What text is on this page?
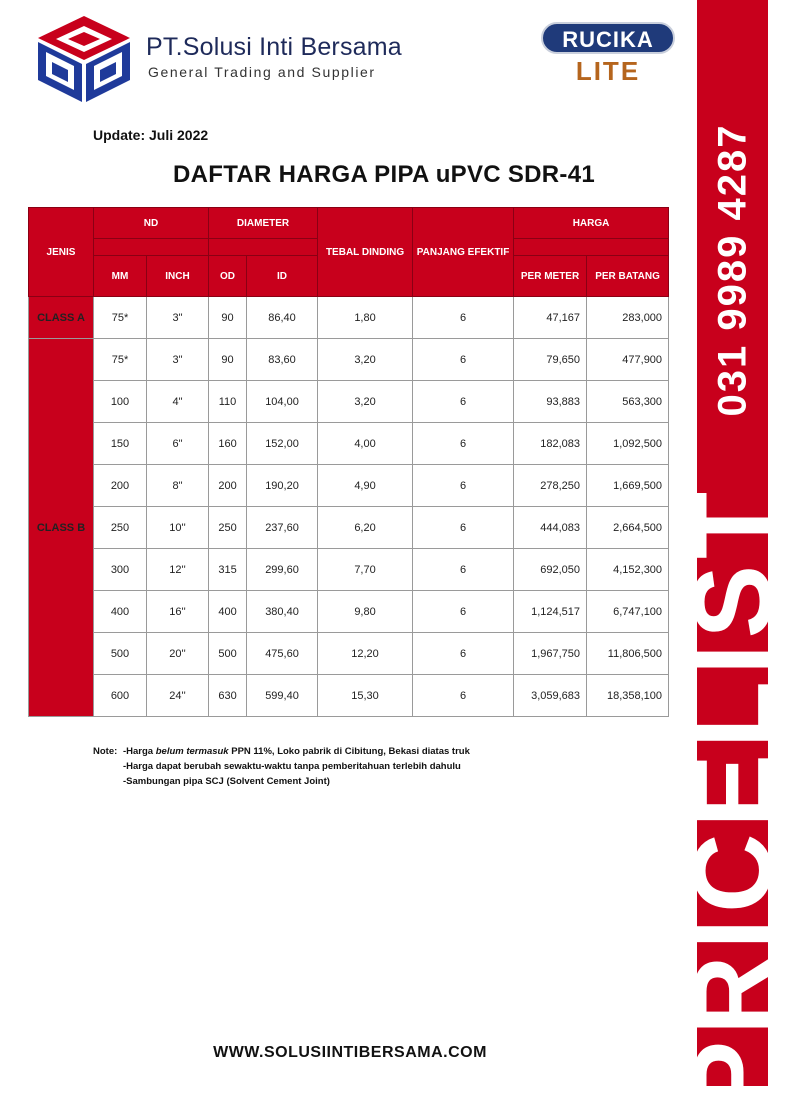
031 9989 4287
PRICELIST
PT.Solusi Inti Bersama
General Trading and Supplier
RUCIKA
LITE
Update: Juli 2022
DAFTAR HARGA PIPA uPVC SDR-41
JENIS	ND		DIAMETER		TEBAL DINDING	PANJANG EFEKTIF	HARGA	

	MM	INCH	OD	ID			PER METER	PER BATANG
CLASS A	75*	3"	90	86,40	1,80	6	47,167	283,000
CLASS B	75*	3"	90	83,60	3,20	6	79,650	477,900
	100	4"	110	104,00	3,20	6	93,883	563,300
	150	6"	160	152,00	4,00	6	182,083	1,092,500
	200	8"	200	190,20	4,90	6	278,250	1,669,500
	250	10''	250	237,60	6,20	6	444,083	2,664,500
	300	12''	315	299,60	7,70	6	692,050	4,152,300
	400	16''	400	380,40	9,80	6	1,124,517	6,747,100
	500	20''	500	475,60	12,20	6	1,967,750	11,806,500
	600	24''	630	599,40	15,30	6	3,059,683	18,358,100
Note: -Harga belum termasuk PPN 11%, Loko pabrik di Cibitung, Bekasi diatas truk
-Harga dapat berubah sewaktu-waktu tanpa pemberitahuan terlebih dahulu
-Sambungan pipa SCJ (Solvent Cement Joint)
WWW.SOLUSIINTIBERSAMA.COM
